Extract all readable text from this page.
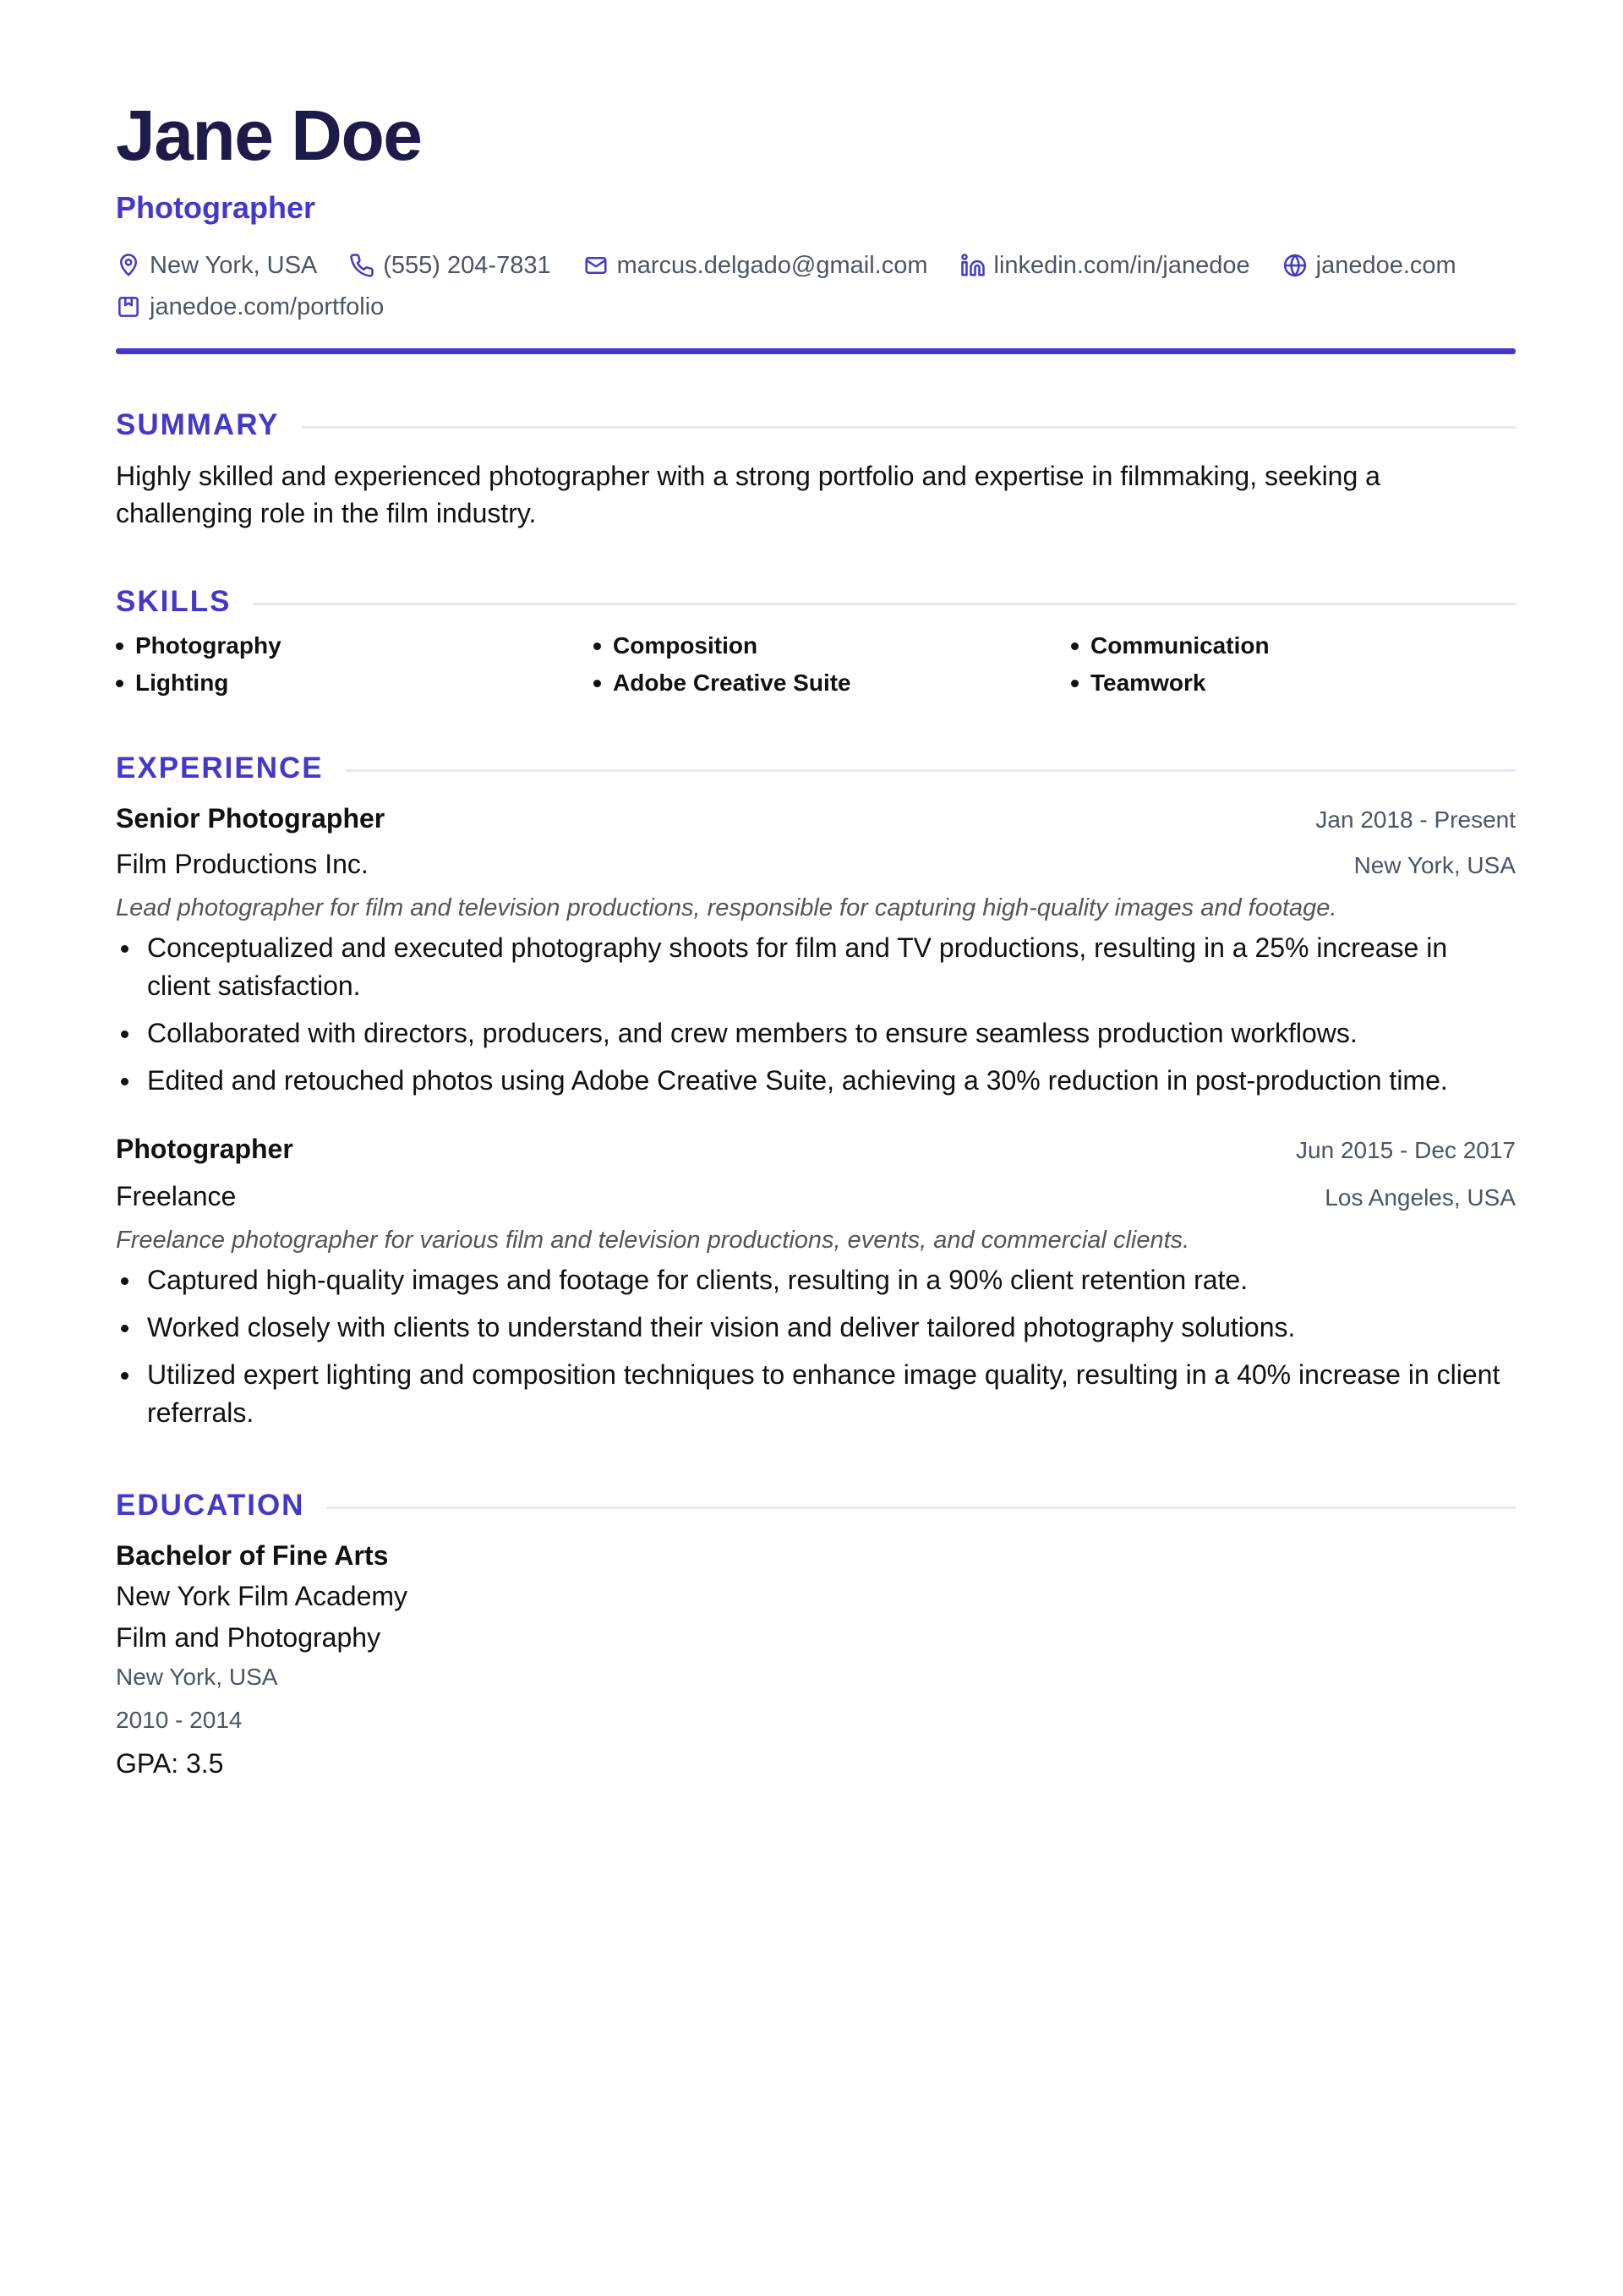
Jane Doe
Photographer
New York, USA	(555) 204-7831	marcus.delgado@gmail.com	linkedin.com/in/janedoe	janedoe.com
janedoe.com/portfolio
SUMMARY
Highly skilled and experienced photographer with a strong portfolio and expertise in filmmaking, seeking a challenging role in the film industry.
SKILLS
Photography	Composition	Communication
Lighting	Adobe Creative Suite	Teamwork
EXPERIENCE
Senior Photographer	Jan 2018 - Present
Film Productions Inc.	New York, USA
Lead photographer for film and television productions, responsible for capturing high-quality images and footage.
Conceptualized and executed photography shoots for film and TV productions, resulting in a 25% increase in client satisfaction.
Collaborated with directors, producers, and crew members to ensure seamless production workflows.
Edited and retouched photos using Adobe Creative Suite, achieving a 30% reduction in post-production time.
Photographer	Jun 2015 - Dec 2017
Freelance	Los Angeles, USA
Freelance photographer for various film and television productions, events, and commercial clients.
Captured high-quality images and footage for clients, resulting in a 90% client retention rate.
Worked closely with clients to understand their vision and deliver tailored photography solutions.
Utilized expert lighting and composition techniques to enhance image quality, resulting in a 40% increase in client referrals.
EDUCATION
Bachelor of Fine Arts
New York Film Academy
Film and Photography
New York, USA
2010 - 2014
GPA: 3.5
